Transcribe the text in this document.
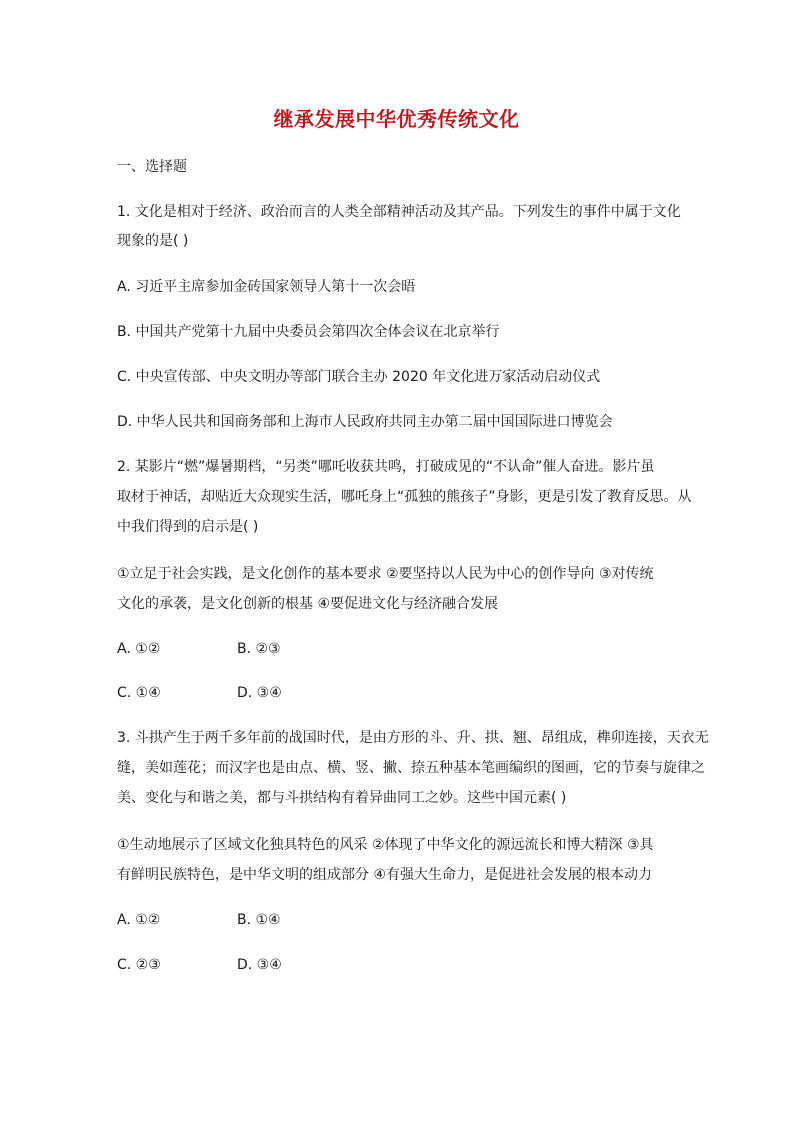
继承发展中华优秀传统文化
一、选择题
1. 文化是相对于经济、政治而言的人类全部精神活动及其产品。下列发生的事件中属于文化
现象的是( )
A. 习近平主席参加金砖国家领导人第十一次会晤
B. 中国共产党第十九届中央委员会第四次全体会议在北京举行
C. 中央宣传部、中央文明办等部门联合主办 2020 年文化进万家活动启动仪式
D. 中华人民共和国商务部和上海市人民政府共同主办第二届中国国际进口博览会
2. 某影片“燃”爆暑期档，“另类”哪吒收获共鸣，打破成见的“不认命”催人奋进。影片虽
取材于神话，却贴近大众现实生活，哪吒身上“孤独的熊孩子”身影，更是引发了教育反思。从
中我们得到的启示是( )
①立足于社会实践，是文化创作的基本要求 ②要坚持以人民为中心的创作导向 ③对传统
文化的承袭，是文化创新的根基 ④要促进文化与经济融合发展
A. ①②	B. ②③
C. ①④	D. ③④
3. 斗拱产生于两千多年前的战国时代，是由方形的斗、升、拱、翘、昂组成，榫卯连接，天衣无
缝，美如莲花；而汉字也是由点、横、竖、撇、捺五种基本笔画编织的图画，它的节奏与旋律之
美、变化与和谐之美，都与斗拱结构有着异曲同工之妙。这些中国元素( )
①生动地展示了区域文化独具特色的风采 ②体现了中华文化的源远流长和博大精深 ③具
有鲜明民族特色，是中华文明的组成部分 ④有强大生命力，是促进社会发展的根本动力
A. ①②	B. ①④
C. ②③	D. ③④
